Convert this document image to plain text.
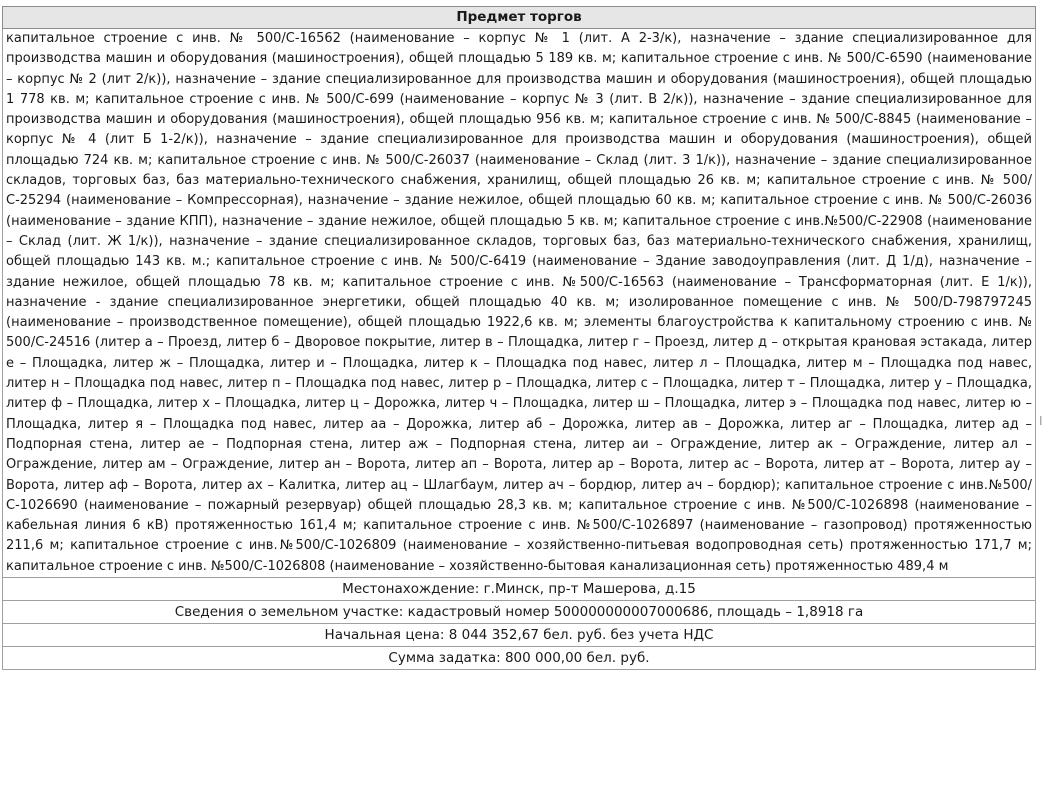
Предмет торгов
капитальное строение с инв. № 500/С-16562 (наименование – корпус № 1 (лит. А 2-3/к), назначение – здание специализированное для производства машин и оборудования (машиностроения), общей площадью 5 189 кв. м; капитальное строение с инв. № 500/С-6590 (наименование – корпус № 2 (лит 2/к)), назначение – здание специализированное для производства машин и оборудования (машиностроения), общей площадью 1 778 кв. м; капитальное строение с инв. № 500/С-699 (наименование – корпус № 3 (лит. В 2/к)), назначение – здание специализированное для производства машин и оборудования (машиностроения), общей площадью 956 кв. м; капитальное строение с инв. № 500/С-8845 (наименование – корпус № 4 (лит Б 1-2/к)), назначение – здание специализированное для производства машин и оборудования (машиностроения), общей площадью 724 кв. м; капитальное строение с инв. № 500/С-26037 (наименование – Склад (лит. 3 1/к)), назначение – здание специализированное складов, торговых баз, баз материально-технического снабжения, хранилищ, общей площадью 26 кв. м; капитальное строение с инв. № 500/С-25294 (наименование – Компрессорная), назначение – здание нежилое, общей площадью 60 кв. м; капитальное строение с инв. № 500/С-26036 (наименование – здание КПП), назначение – здание нежилое, общей площадью 5 кв. м; капитальное строение с инв.№500/С-22908 (наименование – Склад (лит. Ж 1/к)), назначение – здание специализированное складов, торговых баз, баз материально-технического снабжения, хранилищ, общей площадью 143 кв. м.; капитальное строение с инв. № 500/С-6419 (наименование – Здание заводоуправления (лит. Д 1/д), назначение – здание нежилое, общей площадью 78 кв. м; капитальное строение с инв. №500/С-16563 (наименование – Трансформаторная (лит. Е 1/к)), назначение - здание специализированное энергетики, общей площадью 40 кв. м; изолированное помещение с инв. № 500/D-798797245 (наименование – производственное помещение), общей площадью 1922,6 кв. м; элементы благоустройства к капитальному строению с инв. № 500/С-24516 (литер а – Проезд, литер б – Дворовое покрытие, литер в – Площадка, литер г – Проезд, литер д – открытая крановая эстакада, литер е – Площадка, литер ж – Площадка, литер и – Площадка, литер к – Площадка под навес, литер л – Площадка, литер м – Площадка под навес, литер н – Площадка под навес, литер п – Площадка под навес, литер р – Площадка, литер с – Площадка, литер т – Площадка, литер у – Площадка, литер ф – Площадка, литер х – Площадка, литер ц – Дорожка, литер ч – Площадка, литер ш – Площадка, литер э – Площадка под навес, литер ю – Площадка, литер я – Площадка под навес, литер аа – Дорожка, литер аб – Дорожка, литер ав – Дорожка, литер аг – Площадка, литер ад – Подпорная стена, литер ае – Подпорная стена, литер аж – Подпорная стена, литер аи – Ограждение, литер ак – Ограждение, литер ал – Ограждение, литер ам – Ограждение, литер ан – Ворота, литер ап – Ворота, литер ар – Ворота, литер ас – Ворота, литер ат – Ворота, литер ау – Ворота, литер аф – Ворота, литер ах – Калитка, литер ац – Шлагбаум, литер ач – бордюр, литер ач – бордюр); капитальное строение с инв.№500/С-1026690 (наименование – пожарный резервуар) общей площадью 28,3 кв. м; капитальное строение с инв. №500/С-1026898 (наименование – кабельная линия 6 кВ) протяженностью 161,4 м; капитальное строение с инв. №500/С-1026897 (наименование – газопровод) протяженностью 211,6 м; капитальное строение с инв.№500/С-1026809 (наименование – хозяйственно-питьевая водопроводная сеть) протяженностью 171,7 м; капитальное строение с инв. №500/С-1026808 (наименование – хозяйственно-бытовая канализационная сеть) протяженностью 489,4 м
Местонахождение: г.Минск, пр-т Машерова, д.15
Сведения о земельном участке: кадастровый номер 500000000007000686, площадь – 1,8918 га
Начальная цена: 8 044 352,67 бел. руб. без учета НДС
Сумма задатка: 800 000,00 бел. руб.
I
